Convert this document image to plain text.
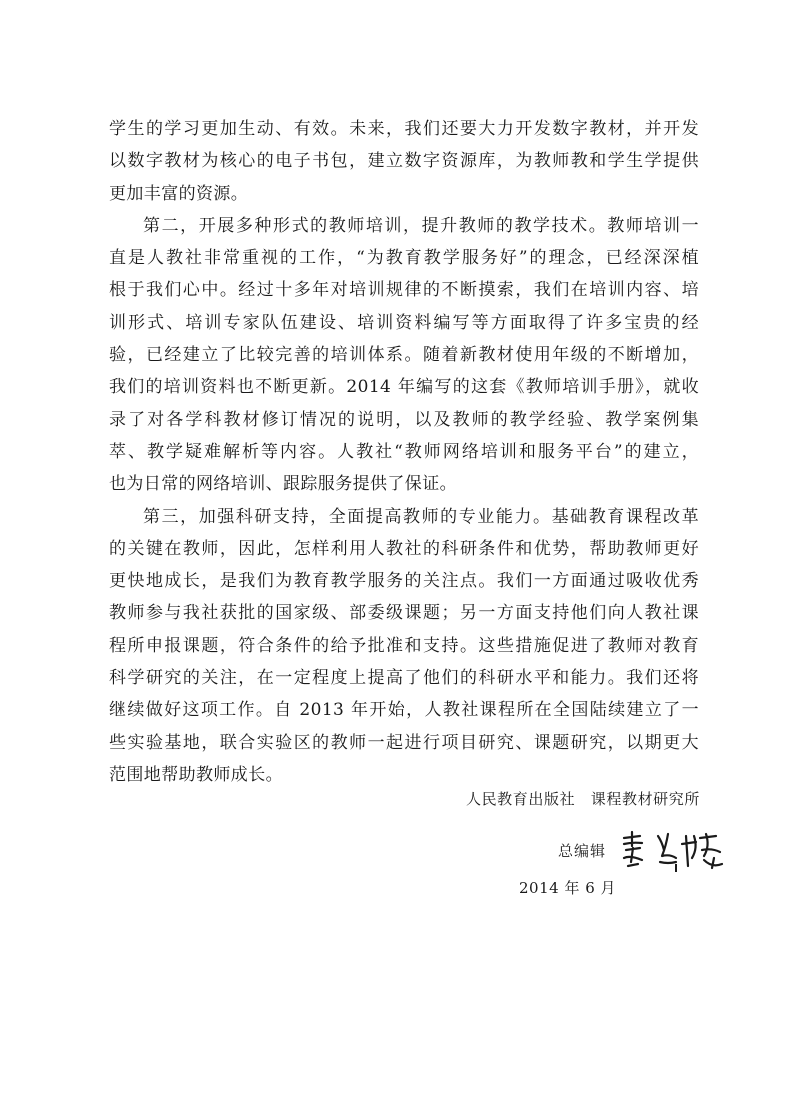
学生的学习更加生动、有效。未来，我们还要大力开发数字教材，并开发
以数字教材为核心的电子书包，建立数字资源库，为教师教和学生学提供
更加丰富的资源。
第二，开展多种形式的教师培训，提升教师的教学技术。教师培训一
直是人教社非常重视的工作，“为教育教学服务好”的理念，已经深深植
根于我们心中。经过十多年对培训规律的不断摸索，我们在培训内容、培
训形式、培训专家队伍建设、培训资料编写等方面取得了许多宝贵的经
验，已经建立了比较完善的培训体系。随着新教材使用年级的不断增加，
我们的培训资料也不断更新。2014 年编写的这套《教师培训手册》，就收
录了对各学科教材修订情况的说明，以及教师的教学经验、教学案例集
萃、教学疑难解析等内容。人教社“教师网络培训和服务平台”的建立，
也为日常的网络培训、跟踪服务提供了保证。
第三，加强科研支持，全面提高教师的专业能力。基础教育课程改革
的关键在教师，因此，怎样利用人教社的科研条件和优势，帮助教师更好
更快地成长，是我们为教育教学服务的关注点。我们一方面通过吸收优秀
教师参与我社获批的国家级、部委级课题；另一方面支持他们向人教社课
程所申报课题，符合条件的给予批准和支持。这些措施促进了教师对教育
科学研究的关注，在一定程度上提高了他们的科研水平和能力。我们还将
继续做好这项工作。自 2013 年开始，人教社课程所在全国陆续建立了一
些实验基地，联合实验区的教师一起进行项目研究、课题研究，以期更大
范围地帮助教师成长。
人民教育出版社　课程教材研究所
总编辑
2014 年 6 月
